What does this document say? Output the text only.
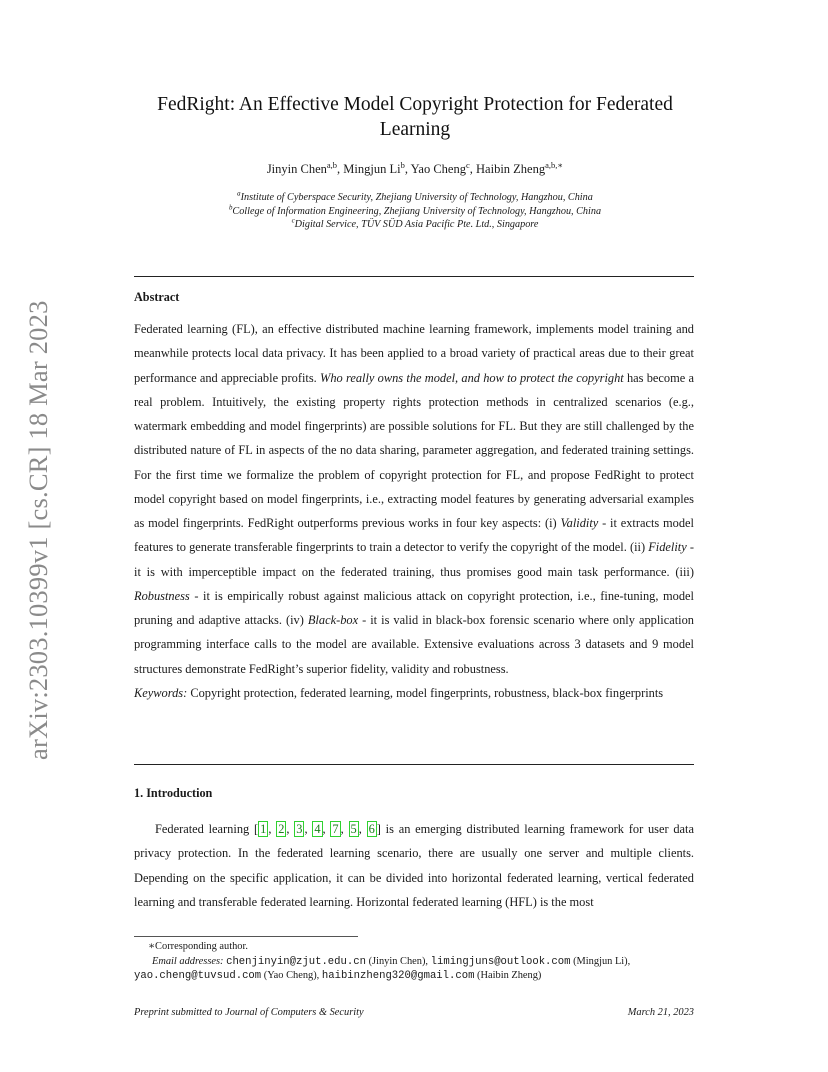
arXiv:2303.10399v1 [cs.CR] 18 Mar 2023
FedRight: An Effective Model Copyright Protection for Federated
Learning
Jinyin Chen$^{a,b}$, Mingjun Li$^b$, Yao Cheng$^c$, Haibin Zheng$^{a,b,∗}$
$^a$Institute of Cyberspace Security, Zhejiang University of Technology, Hangzhou, China
$^b$College of Information Engineering, Zhejiang University of Technology, Hangzhou, China
$^c$Digital Service, TÜV SÜD Asia Pacific Pte. Ltd., Singapore
Abstract

Federated learning (FL), an effective distributed machine learning framework, implements model training and meanwhile protects local data privacy. It has been applied to a broad variety of practical areas due to their great performance and appreciable profits. Who really owns the model, and how to protect the copyright has become a real problem. Intuitively, the existing property rights protection methods in centralized scenarios (e.g., watermark embedding and model fingerprints) are possible solutions for FL. But they are still challenged by the distributed nature of FL in aspects of the no data sharing, parameter aggregation, and federated training settings. For the first time we formalize the problem of copyright protection for FL, and propose FedRight to protect model copyright based on model fingerprints, i.e., extracting model features by generating adversarial examples as model fingerprints. FedRight outperforms previous works in four key aspects: (i) Validity - it extracts model features to generate transferable fingerprints to train a detector to verify the copyright of the model. (ii) Fidelity - it is with imperceptible impact on the federated training, thus promises good main task performance. (iii) Robustness - it is empirically robust against malicious attack on copyright protection, i.e., fine-tuning, model pruning and adaptive attacks. (iv) Black-box - it is valid in black-box forensic scenario where only application programming interface calls to the model are available. Extensive evaluations across 3 datasets and 9 model structures demonstrate FedRight’s superior fidelity, validity and robustness.

Keywords: Copyright protection, federated learning, model fingerprints, robustness, black-box fingerprints

1. Introduction

Federated learning [ 1 , 2 , 3 , 4 , 7 , 5 , 6 ] is an emerging distributed learning framework for user data privacy protection. In the federated learning scenario, there are usually one server and multiple clients. Depending on the specific application, it can be divided into horizontal federated learning, vertical federated learning and transferable federated learning. Horizontal federated learning (HFL) is the most

∗Corresponding author.
Email addresses: chenjinyin@zjut.edu.cn (Jinyin Chen), limingjuns@outlook.com (Mingjun Li),
yao.cheng@tuvsud.com (Yao Cheng), haibinzheng320@gmail.com (Haibin Zheng)
Preprint submitted to Journal of Computers & Security	March 21, 2023
